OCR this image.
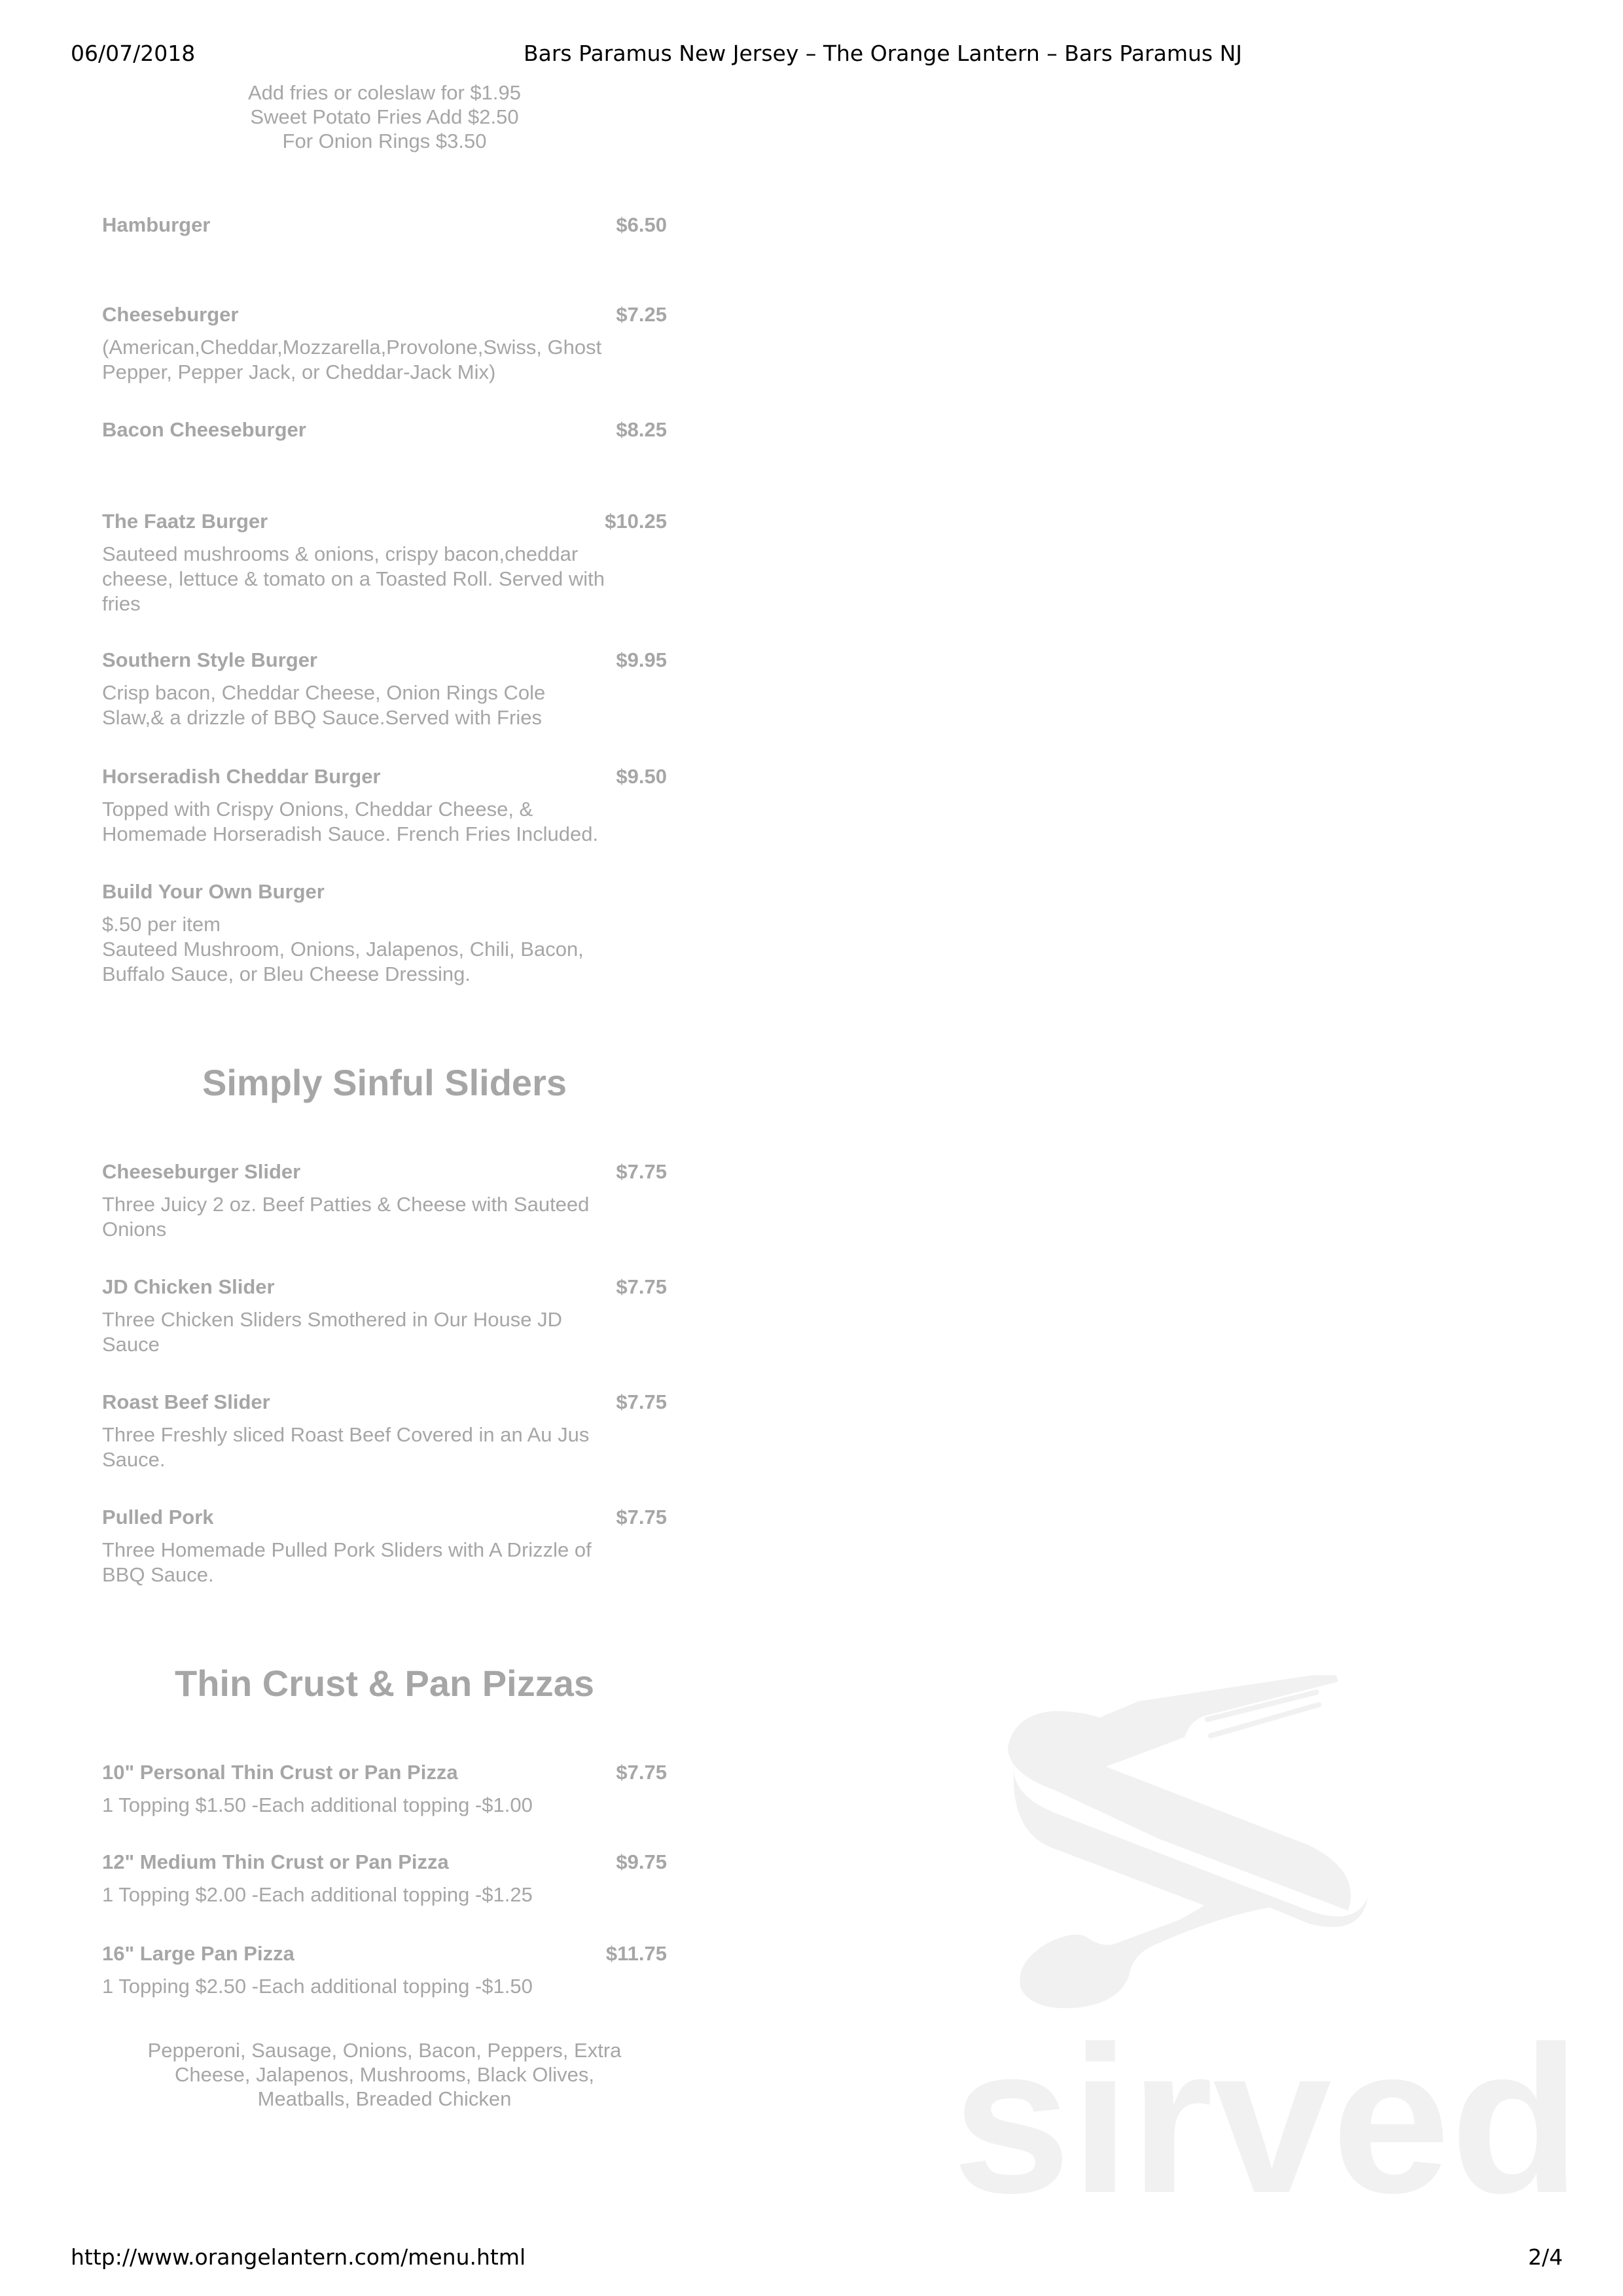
06/07/2018	Bars Paramus New Jersey – The Orange Lantern – Bars Paramus NJ
Add fries or coleslaw for $1.95
Sweet Potato Fries Add $2.50
For Onion Rings $3.50
Hamburger	$6.50
Cheeseburger	$7.25
(American,Cheddar,Mozzarella,Provolone,Swiss, Ghost
Pepper, Pepper Jack, or Cheddar-Jack Mix)
Bacon Cheeseburger	$8.25
The Faatz Burger	$10.25
Sauteed mushrooms & onions, crispy bacon,cheddar
cheese, lettuce & tomato on a Toasted Roll. Served with
fries
Southern Style Burger	$9.95
Crisp bacon, Cheddar Cheese, Onion Rings Cole
Slaw,& a drizzle of BBQ Sauce.Served with Fries
Horseradish Cheddar Burger	$9.50
Topped with Crispy Onions, Cheddar Cheese, &
Homemade Horseradish Sauce. French Fries Included.
Build Your Own Burger
$.50 per item
Sauteed Mushroom, Onions, Jalapenos, Chili, Bacon,
Buffalo Sauce, or Bleu Cheese Dressing.
Cheeseburger Slider	$7.75
Three Juicy 2 oz. Beef Patties & Cheese with Sauteed
Onions
JD Chicken Slider	$7.75
Three Chicken Sliders Smothered in Our House JD
Sauce
Roast Beef Slider	$7.75
Three Freshly sliced Roast Beef Covered in an Au Jus
Sauce.
Pulled Pork	$7.75
Three Homemade Pulled Pork Sliders with A Drizzle of
BBQ Sauce.
10" Personal Thin Crust or Pan Pizza	$7.75
1 Topping $1.50 -Each additional topping -$1.00
12" Medium Thin Crust or Pan Pizza	$9.75
1 Topping $2.00 -Each additional topping -$1.25
16" Large Pan Pizza	$11.75
1 Topping $2.50 -Each additional topping -$1.50
Simply Sinful Sliders
Thin Crust & Pan Pizzas
Pepperoni, Sausage, Onions, Bacon, Peppers, Extra
Cheese, Jalapenos, Mushrooms, Black Olives,
Meatballs, Breaded Chicken	sirved
http://www.orangelantern.com/menu.html	2/4
